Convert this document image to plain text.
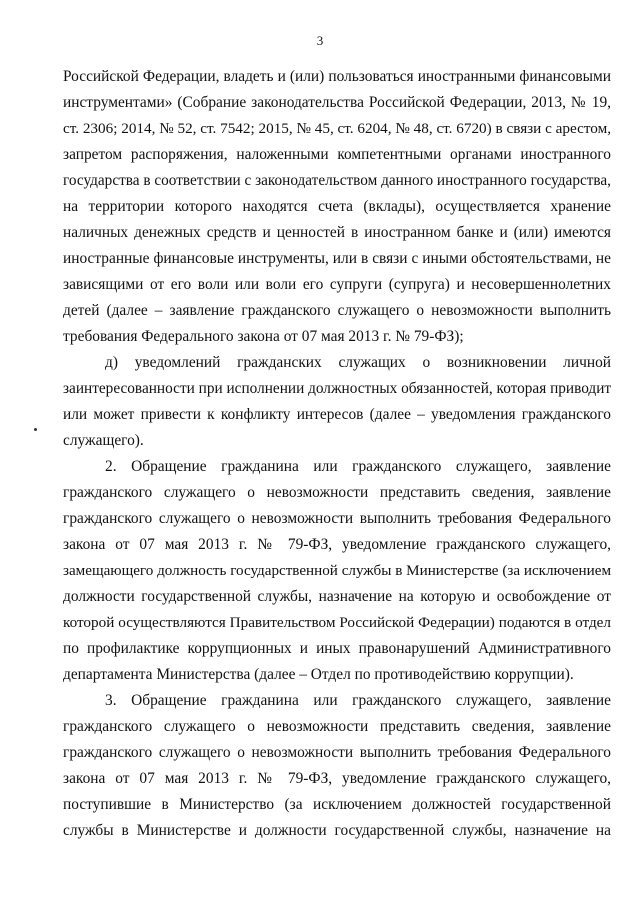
3
Российской Федерации, владеть и (или) пользоваться иностранными финансовыми
инструментами» (Собрание законодательства Российской Федерации, 2013, № 19,
ст. 2306; 2014, № 52, ст. 7542; 2015, № 45, ст. 6204, № 48, ст. 6720) в связи с арестом,
запретом распоряжения, наложенными компетентными органами иностранного
государства в соответствии с законодательством данного иностранного государства,
на территории которого находятся счета (вклады), осуществляется хранение
наличных денежных средств и ценностей в иностранном банке и (или) имеются
иностранные финансовые инструменты, или в связи с иными обстоятельствами, не
зависящими от его воли или воли его супруги (супруга) и несовершеннолетних
детей (далее – заявление гражданского служащего о невозможности выполнить
требования Федерального закона от 07 мая 2013 г. № 79-ФЗ);
д) уведомлений гражданских служащих о возникновении личной
заинтересованности при исполнении должностных обязанностей, которая приводит
или может привести к конфликту интересов (далее – уведомления гражданского
служащего).
2. Обращение гражданина или гражданского служащего, заявление
гражданского служащего о невозможности представить сведения, заявление
гражданского служащего о невозможности выполнить требования Федерального
закона от 07 мая 2013 г. № 79-ФЗ, уведомление гражданского служащего,
замещающего должность государственной службы в Министерстве (за исключением
должности государственной службы, назначение на которую и освобождение от
которой осуществляются Правительством Российской Федерации) подаются в отдел
по профилактике коррупционных и иных правонарушений Административного
департамента Министерства (далее – Отдел по противодействию коррупции).
3. Обращение гражданина или гражданского служащего, заявление
гражданского служащего о невозможности представить сведения, заявление
гражданского служащего о невозможности выполнить требования Федерального
закона от 07 мая 2013 г. № 79-ФЗ, уведомление гражданского служащего,
поступившие в Министерство (за исключением должностей государственной
службы в Министерстве и должности государственной службы, назначение на
